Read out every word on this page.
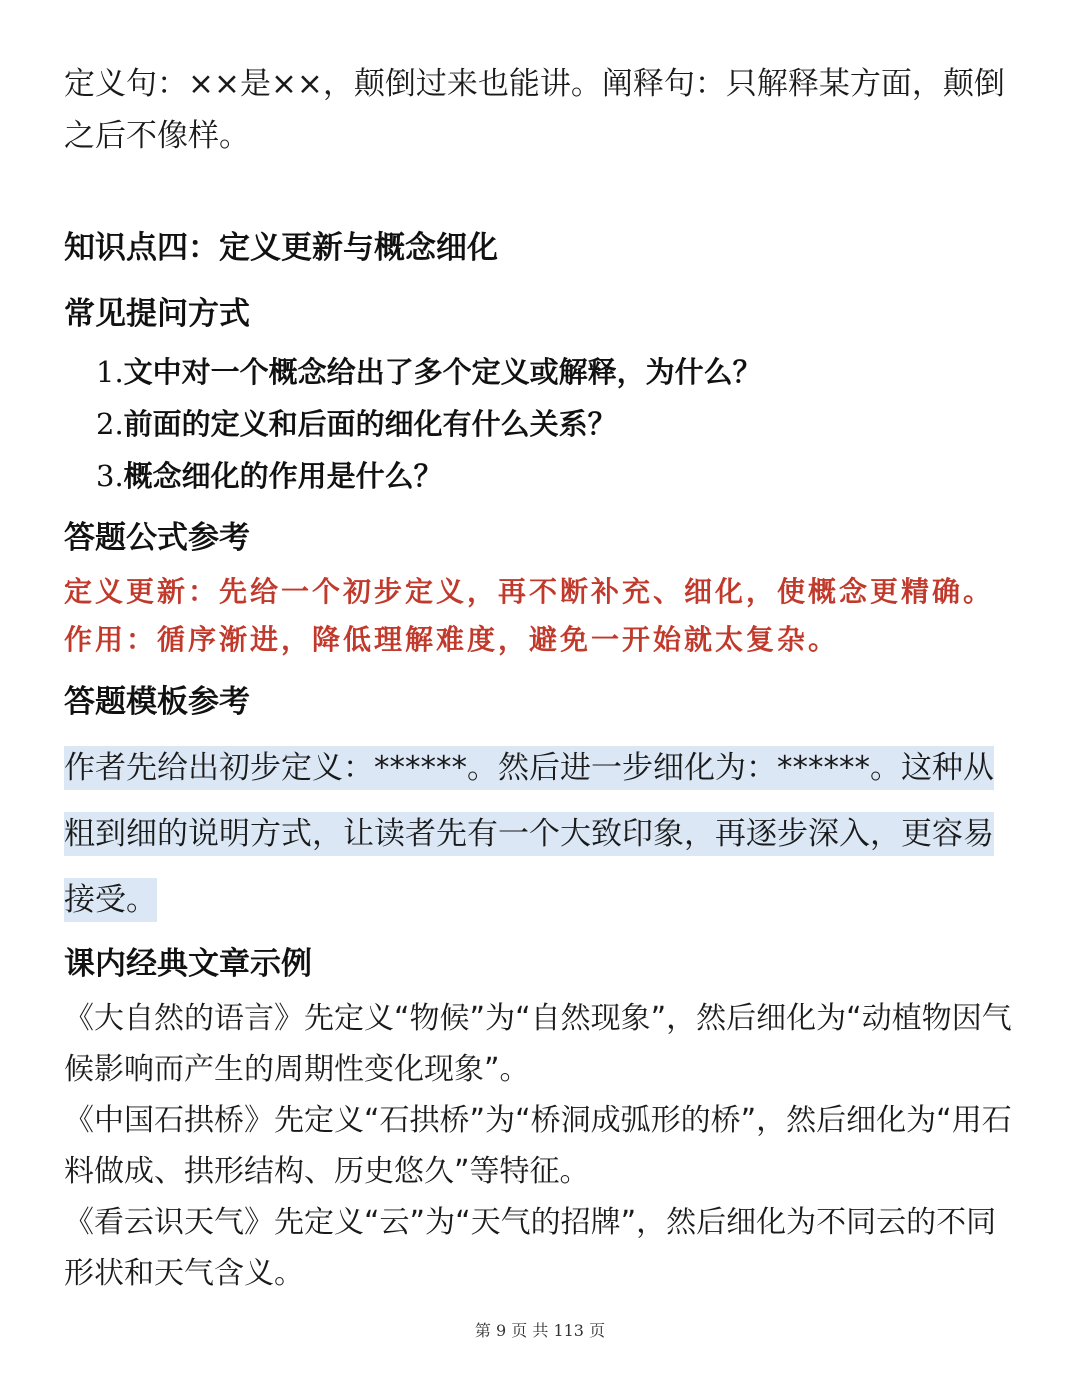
定义句：××是××，颠倒过来也能讲。阐释句：只解释某方面，颠倒之后不像样。

知识点四：定义更新与概念细化
常见提问方式
1.文中对一个概念给出了多个定义或解释，为什么？
2.前面的定义和后面的细化有什么关系？
3.概念细化的作用是什么？
答题公式参考

定义更新：先给一个初步定义，再不断补充、细化，使概念更精确。作用：循序渐进，降低理解难度，避免一开始就太复杂。

答题模板参考

作者先给出初步定义：******。然后进一步细化为：******。这种从粗到细的说明方式，让读者先有一个大致印象，再逐步深入，更容易接受。

课内经典文章示例

《大自然的语言》先定义“物候”为“自然现象”，然后细化为“动植物因气候影响而产生的周期性变化现象”。

《中国石拱桥》先定义“石拱桥”为“桥洞成弧形的桥”，然后细化为“用石料做成、拱形结构、历史悠久”等特征。

《看云识天气》先定义“云”为“天气的招牌”，然后细化为不同云的不同形状和天气含义。

第 9 页 共 113 页
